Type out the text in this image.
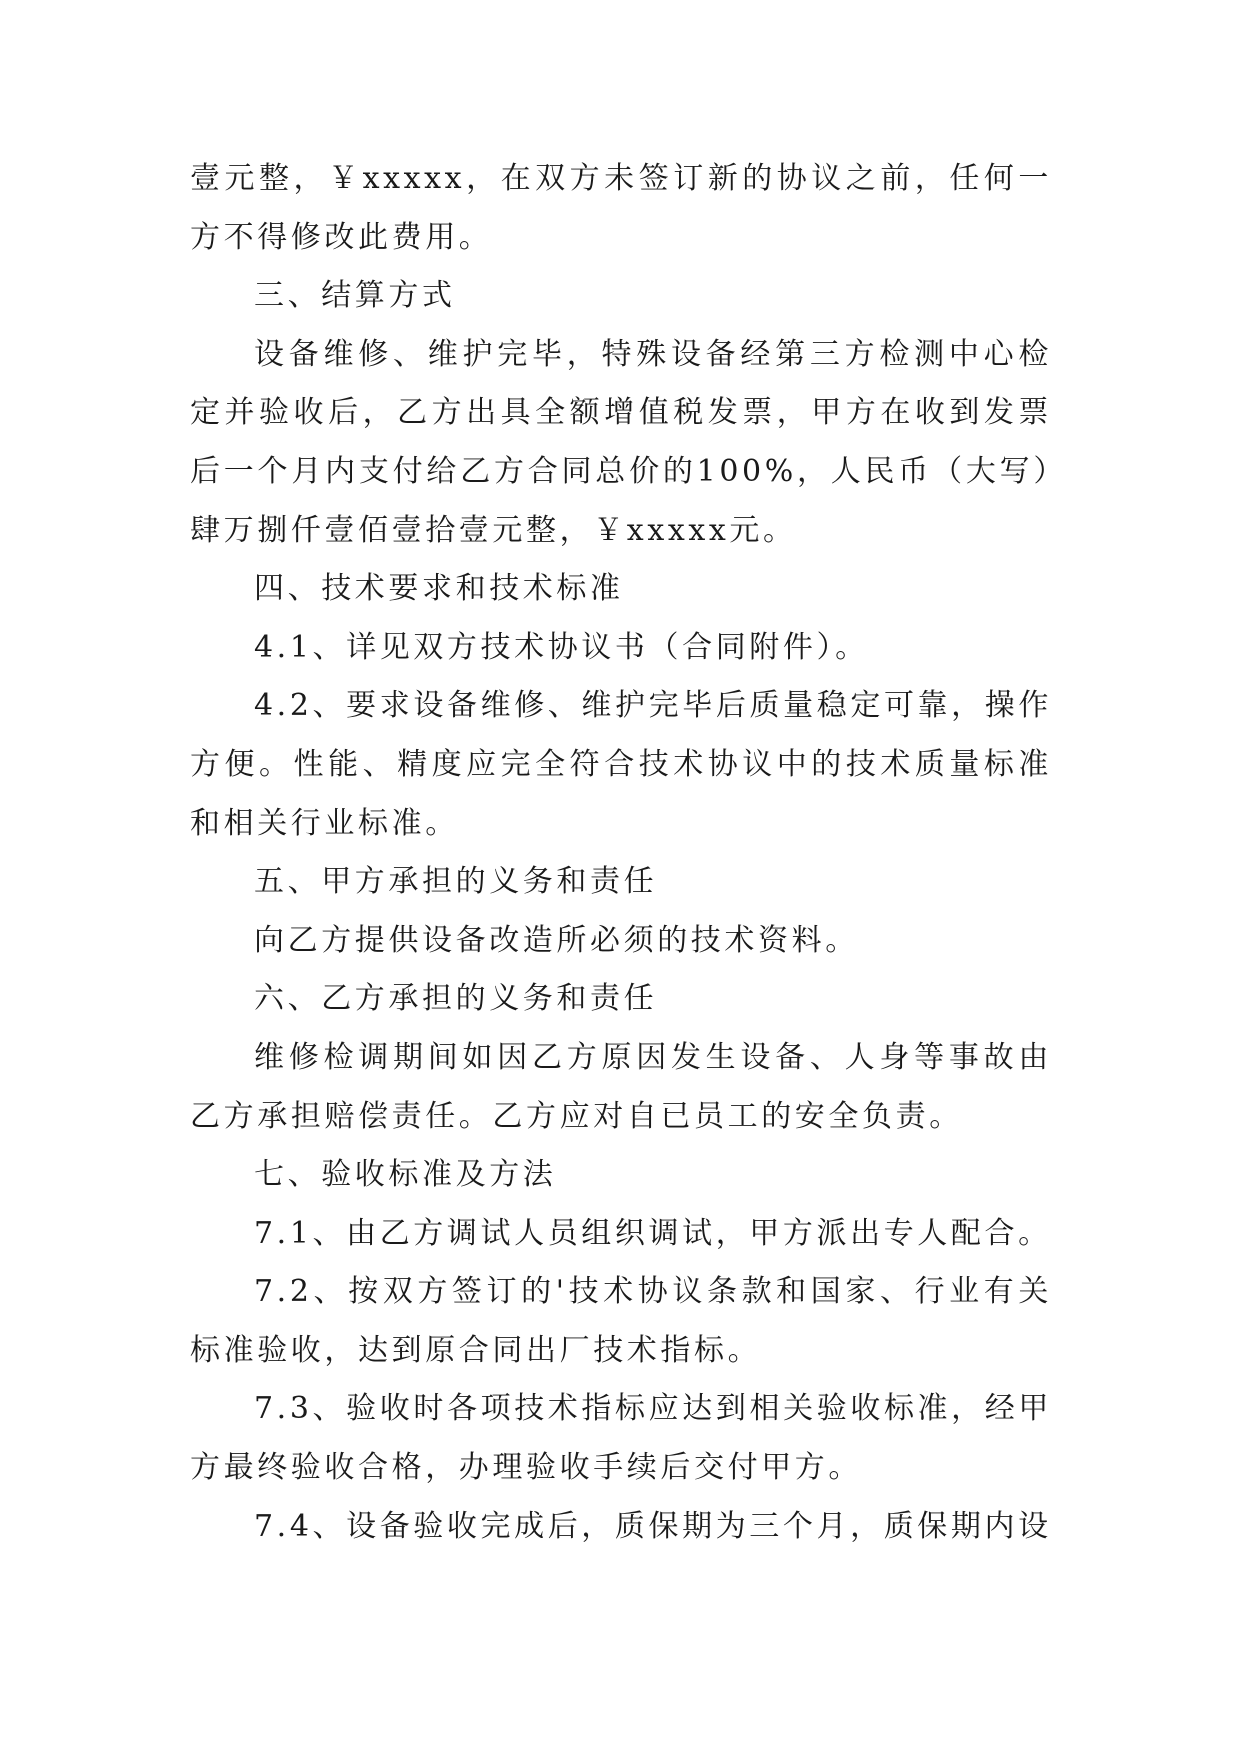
壹元整，￥xxxxx，在双方未签订新的协议之前，任何一方不得修改此费用。

三、结算方式

设备维修、维护完毕，特殊设备经第三方检测中心检定并验收后，乙方出具全额增值税发票，甲方在收到发票后一个月内支付给乙方合同总价的100%，人民币（大写）肆万捌仟壹佰壹拾壹元整，￥xxxxx元。

四、技术要求和技术标准

4.1、详见双方技术协议书（合同附件）。

4.2、要求设备维修、维护完毕后质量稳定可靠，操作方便。性能、精度应完全符合技术协议中的技术质量标准和相关行业标准。

五、甲方承担的义务和责任

向乙方提供设备改造所必须的技术资料。

六、乙方承担的义务和责任

维修检调期间如因乙方原因发生设备、人身等事故由乙方承担赔偿责任。乙方应对自已员工的安全负责。

七、验收标准及方法

7.1、由乙方调试人员组织调试，甲方派出专人配合。

7.2、按双方签订的'技术协议条款和国家、行业有关标准验收，达到原合同出厂技术指标。

7.3、验收时各项技术指标应达到相关验收标准，经甲方最终验收合格，办理验收手续后交付甲方。

7.4、设备验收完成后，质保期为三个月，质保期内设
